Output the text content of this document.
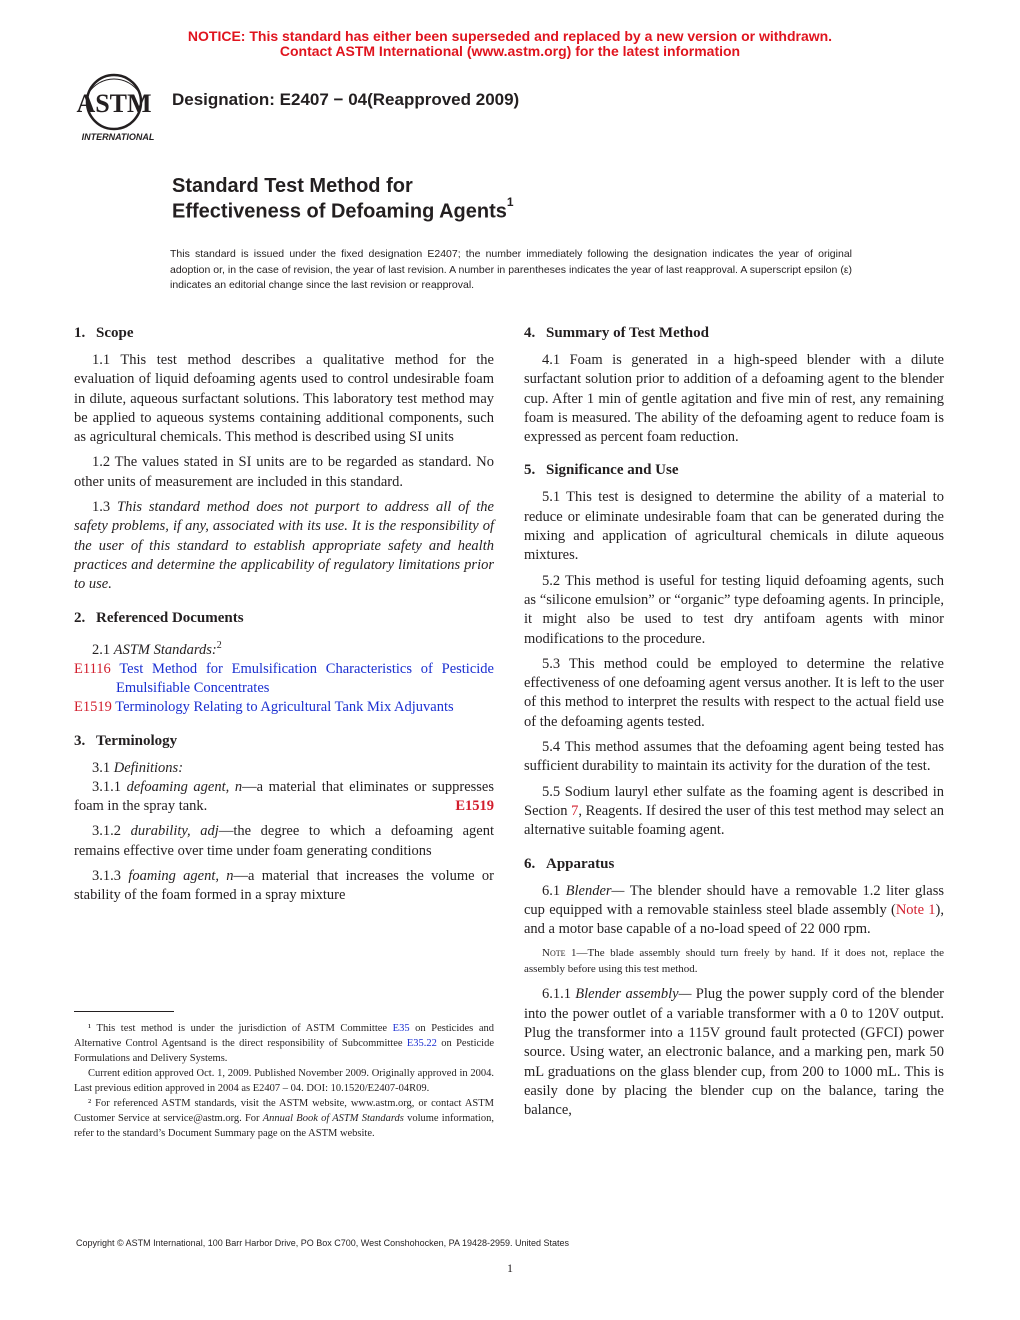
NOTICE: This standard has either been superseded and replaced by a new version or withdrawn.
Contact ASTM International (www.astm.org) for the latest information
ASTM
INTERNATIONAL
Designation: E2407 − 04(Reapproved 2009)
Standard Test Method for
Effectiveness of Defoaming Agents$^1$
This standard is issued under the fixed designation E2407; the number immediately following the designation indicates the year of original adoption or, in the case of revision, the year of last revision. A number in parentheses indicates the year of last reapproval. A superscript epsilon (ε) indicates an editorial change since the last revision or reapproval.
1. Scope

1.1 This test method describes a qualitative method for the evaluation of liquid defoaming agents used to control undesirable foam in dilute, aqueous surfactant solutions. This laboratory test method may be applied to aqueous systems containing additional components, such as agricultural chemicals. This method is described using SI units

1.2 The values stated in SI units are to be regarded as standard. No other units of measurement are included in this standard.

1.3 This standard method does not purport to address all of the safety problems, if any, associated with its use. It is the responsibility of the user of this standard to establish appropriate safety and health practices and determine the applicability of regulatory limitations prior to use.

2. Referenced Documents

2.1 ASTM Standards:$^2$

E1116 Test Method for Emulsification Characteristics of Pesticide Emulsifiable Concentrates

E1519 Terminology Relating to Agricultural Tank Mix Adjuvants

3. Terminology

3.1 Definitions:

3.1.1 defoaming agent, n—a material that eliminates or suppresses foam in the spray tank.	E1519

3.1.2 durability, adj—the degree to which a defoaming agent remains effective over time under foam generating conditions

3.1.3 foaming agent, n—a material that increases the volume or stability of the foam formed in a spray mixture

¹ This test method is under the jurisdiction of ASTM Committee E35 on Pesticides and Alternative Control Agentsand is the direct responsibility of Subcommittee E35.22 on Pesticide Formulations and Delivery Systems.

Current edition approved Oct. 1, 2009. Published November 2009. Originally approved in 2004. Last previous edition approved in 2004 as E2407 – 04. DOI: 10.1520/E2407-04R09.

² For referenced ASTM standards, visit the ASTM website, www.astm.org, or contact ASTM Customer Service at service@astm.org. For Annual Book of ASTM Standards volume information, refer to the standard’s Document Summary page on the ASTM website.

4. Summary of Test Method

4.1 Foam is generated in a high-speed blender with a dilute surfactant solution prior to addition of a defoaming agent to the blender cup. After 1 min of gentle agitation and five min of rest, any remaining foam is measured. The ability of the defoaming agent to reduce foam is expressed as percent foam reduction.

5. Significance and Use

5.1 This test is designed to determine the ability of a material to reduce or eliminate undesirable foam that can be generated during the mixing and application of agricultural chemicals in dilute aqueous mixtures.

5.2 This method is useful for testing liquid defoaming agents, such as “silicone emulsion” or “organic” type defoaming agents. In principle, it might also be used to test dry antifoam agents with minor modifications to the procedure.

5.3 This method could be employed to determine the relative effectiveness of one defoaming agent versus another. It is left to the user of this method to interpret the results with respect to the actual field use of the defoaming agents tested.

5.4 This method assumes that the defoaming agent being tested has sufficient durability to maintain its activity for the duration of the test.

5.5 Sodium lauryl ether sulfate as the foaming agent is described in Section 7, Reagents. If desired the user of this test method may select an alternative suitable foaming agent.

6. Apparatus

6.1 Blender— The blender should have a removable 1.2 liter glass cup equipped with a removable stainless steel blade assembly (Note 1), and a motor base capable of a no-load speed of 22 000 rpm.

Note 1—The blade assembly should turn freely by hand. If it does not, replace the assembly before using this test method.

6.1.1 Blender assembly— Plug the power supply cord of the blender into the power outlet of a variable transformer with a 0 to 120V output. Plug the transformer into a 115V ground fault protected (GFCI) power source. Using water, an electronic balance, and a marking pen, mark 50 mL graduations on the glass blender cup, from 200 to 1000 mL. This is easily done by placing the blender cup on the balance, taring the balance,

Copyright © ASTM International, 100 Barr Harbor Drive, PO Box C700, West Conshohocken, PA 19428-2959. United States
1
